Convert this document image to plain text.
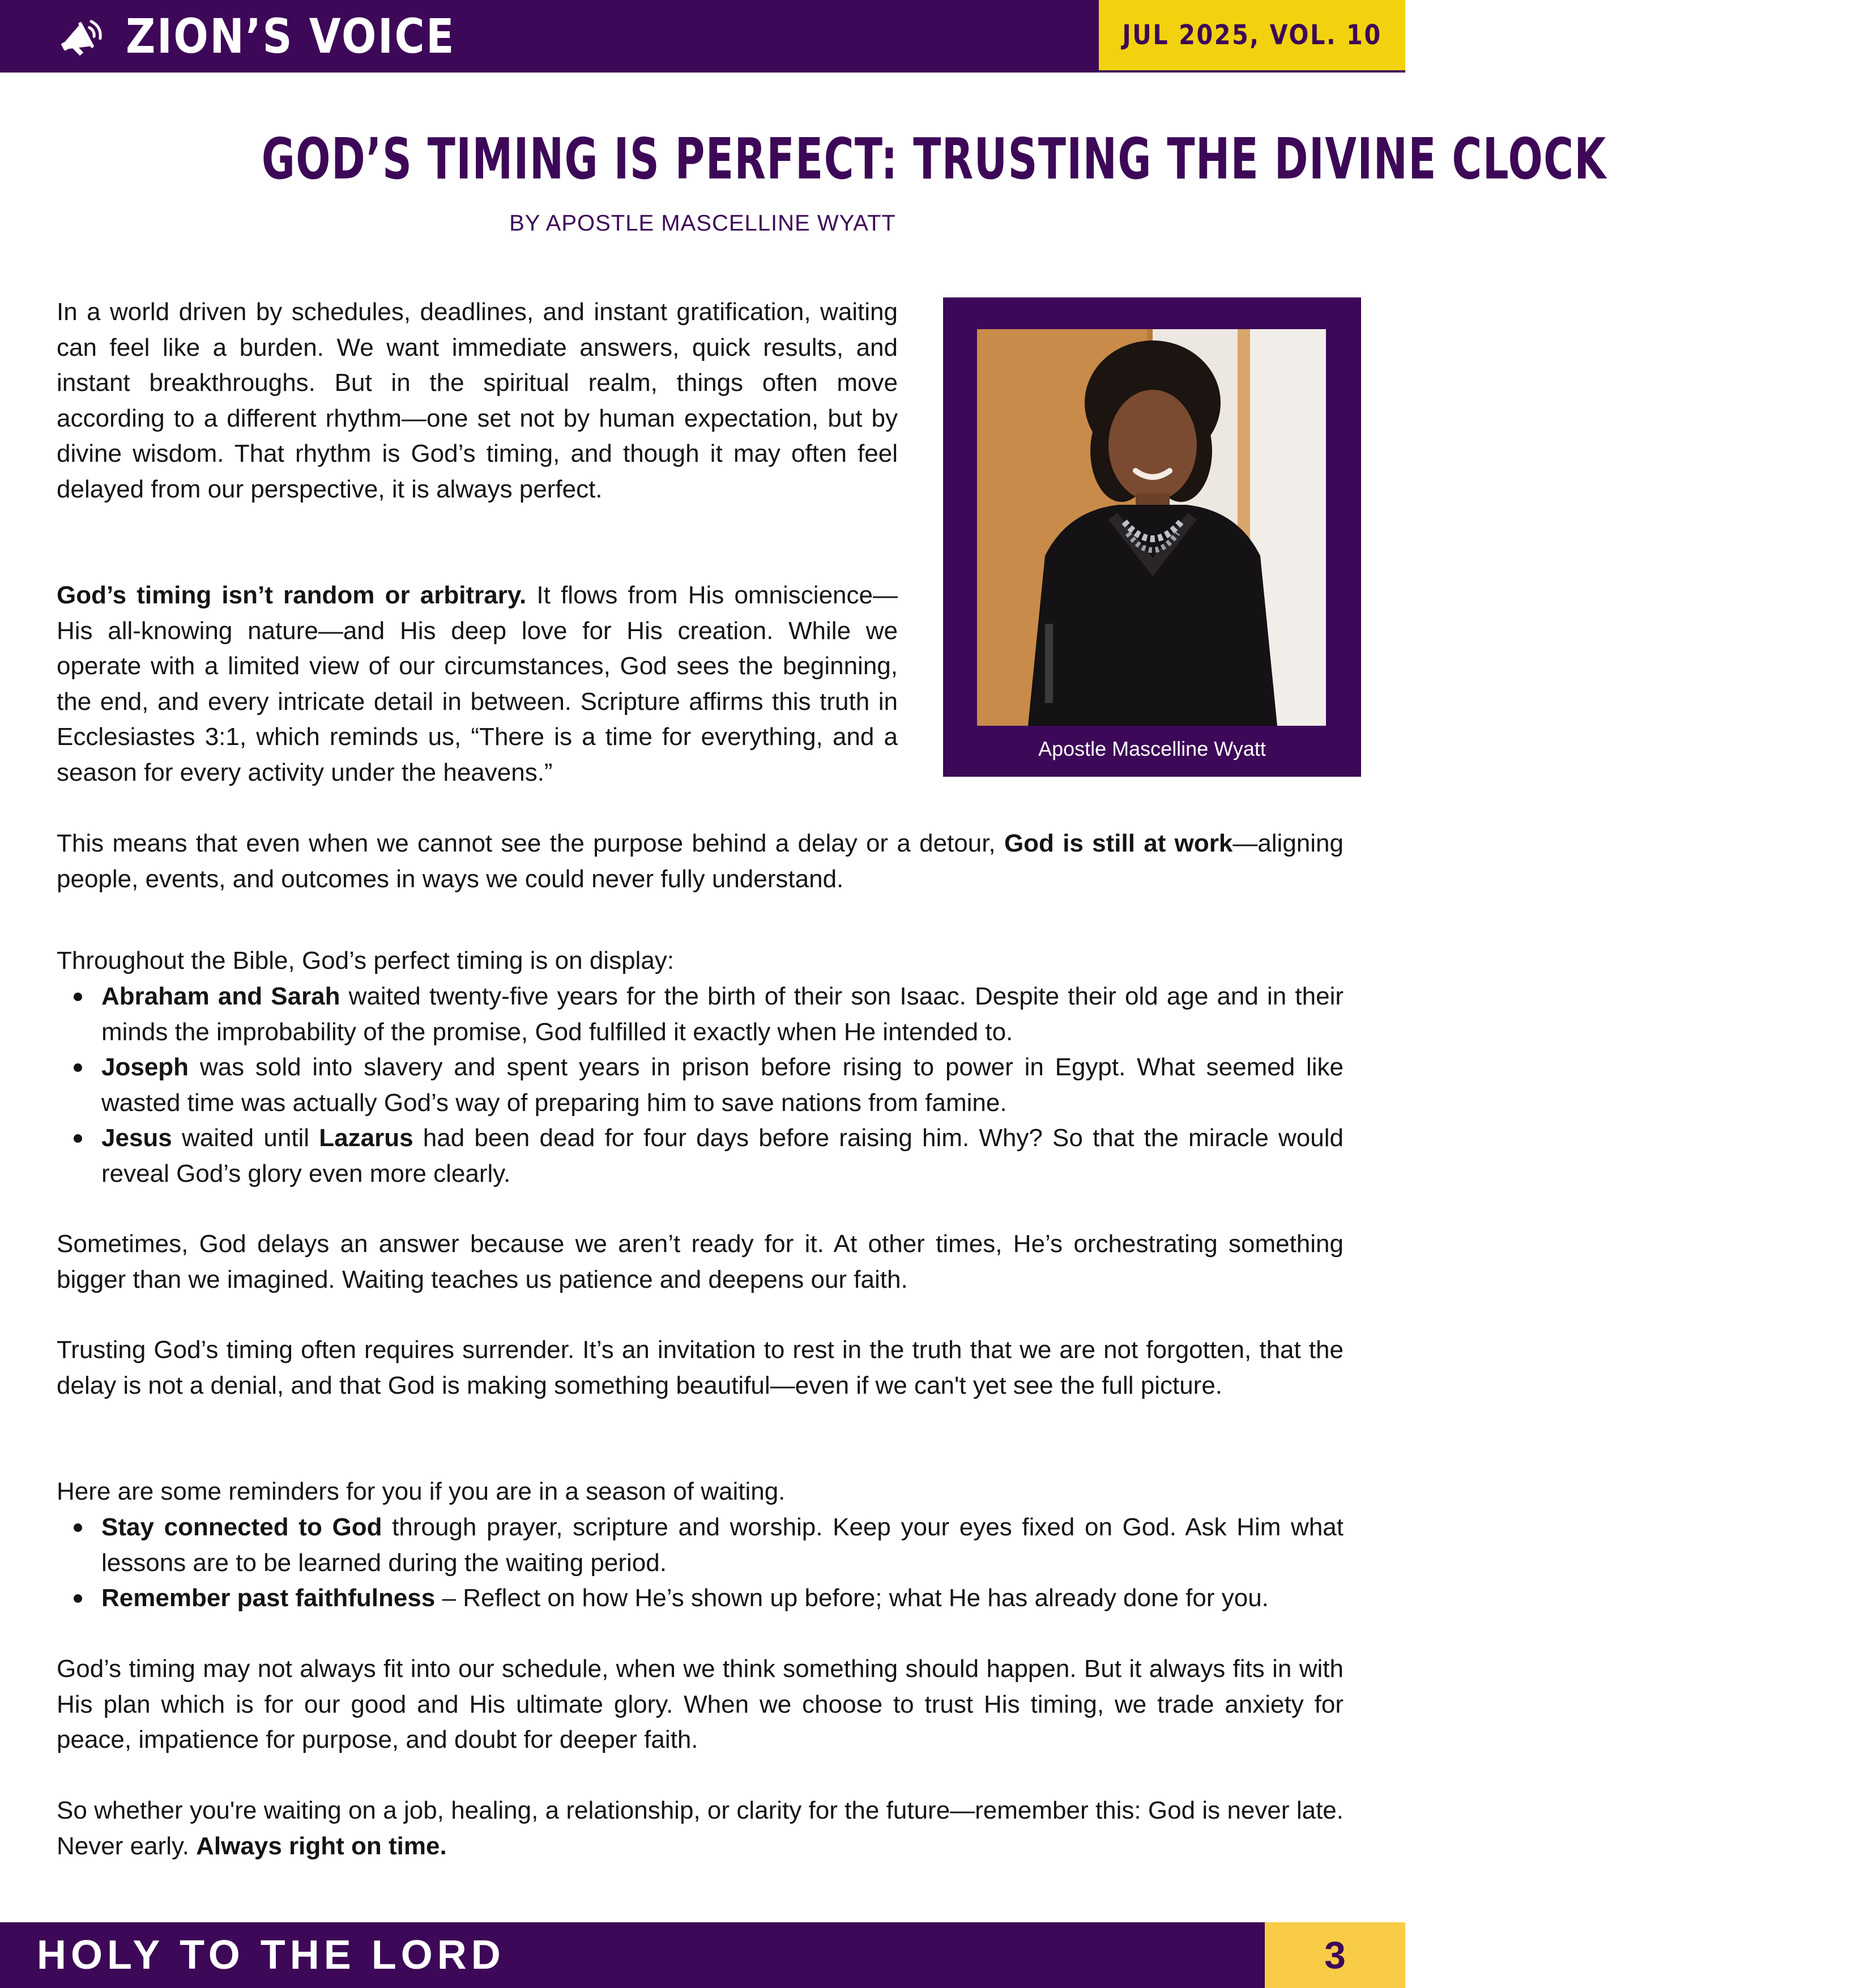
ZION’S VOICE	JUL 2025, VOL. 10
GOD’S TIMING IS PERFECT: TRUSTING THE DIVINE CLOCK
BY APOSTLE MASCELLINE WYATT
Apostle Mascelline Wyatt

In a world driven by schedules, deadlines, and instant gratification, waiting can feel like a burden. We want immediate answers, quick results, and instant breakthroughs. But in the spiritual realm, things often move according to a different rhythm—one set not by human expectation, but by divine wisdom. That rhythm is God’s timing, and though it may often feel delayed from our perspective, it is always perfect.

God’s timing isn’t random or arbitrary. It flows from His omniscience—His all-knowing nature—and His deep love for His creation. While we operate with a limited view of our circumstances, God sees the beginning, the end, and every intricate detail in between. Scripture affirms this truth in Ecclesiastes 3:1, which reminds us, “There is a time for everything, and a season for every activity under the heavens.”

This means that even when we cannot see the purpose behind a delay or a detour, God is still at work—aligning people, events, and outcomes in ways we could never fully understand.

Throughout the Bible, God’s perfect timing is on display:

Abraham and Sarah waited twenty-five years for the birth of their son Isaac. Despite their old age and in their minds the improbability of the promise, God fulfilled it exactly when He intended to.
Joseph was sold into slavery and spent years in prison before rising to power in Egypt. What seemed like wasted time was actually God’s way of preparing him to save nations from famine.
Jesus waited until Lazarus had been dead for four days before raising him. Why? So that the miracle would reveal God’s glory even more clearly.

Sometimes, God delays an answer because we aren’t ready for it. At other times, He’s orchestrating something bigger than we imagined. Waiting teaches us patience and deepens our faith.

Trusting God’s timing often requires surrender. It’s an invitation to rest in the truth that we are not forgotten, that the delay is not a denial, and that God is making something beautiful—even if we can't yet see the full picture.

Here are some reminders for you if you are in a season of waiting.

Stay connected to God through prayer, scripture and worship. Keep your eyes fixed on God. Ask Him what lessons are to be learned during the waiting period.
Remember past faithfulness – Reflect on how He’s shown up before; what He has already done for you.

God’s timing may not always fit into our schedule, when we think something should happen. But it always fits in with His plan which is for our good and His ultimate glory. When we choose to trust His timing, we trade anxiety for peace, impatience for purpose, and doubt for deeper faith.

So whether you're waiting on a job, healing, a relationship, or clarity for the future—remember this: God is never late. Never early. Always right on time.

HOLY TO THE LORD	3
